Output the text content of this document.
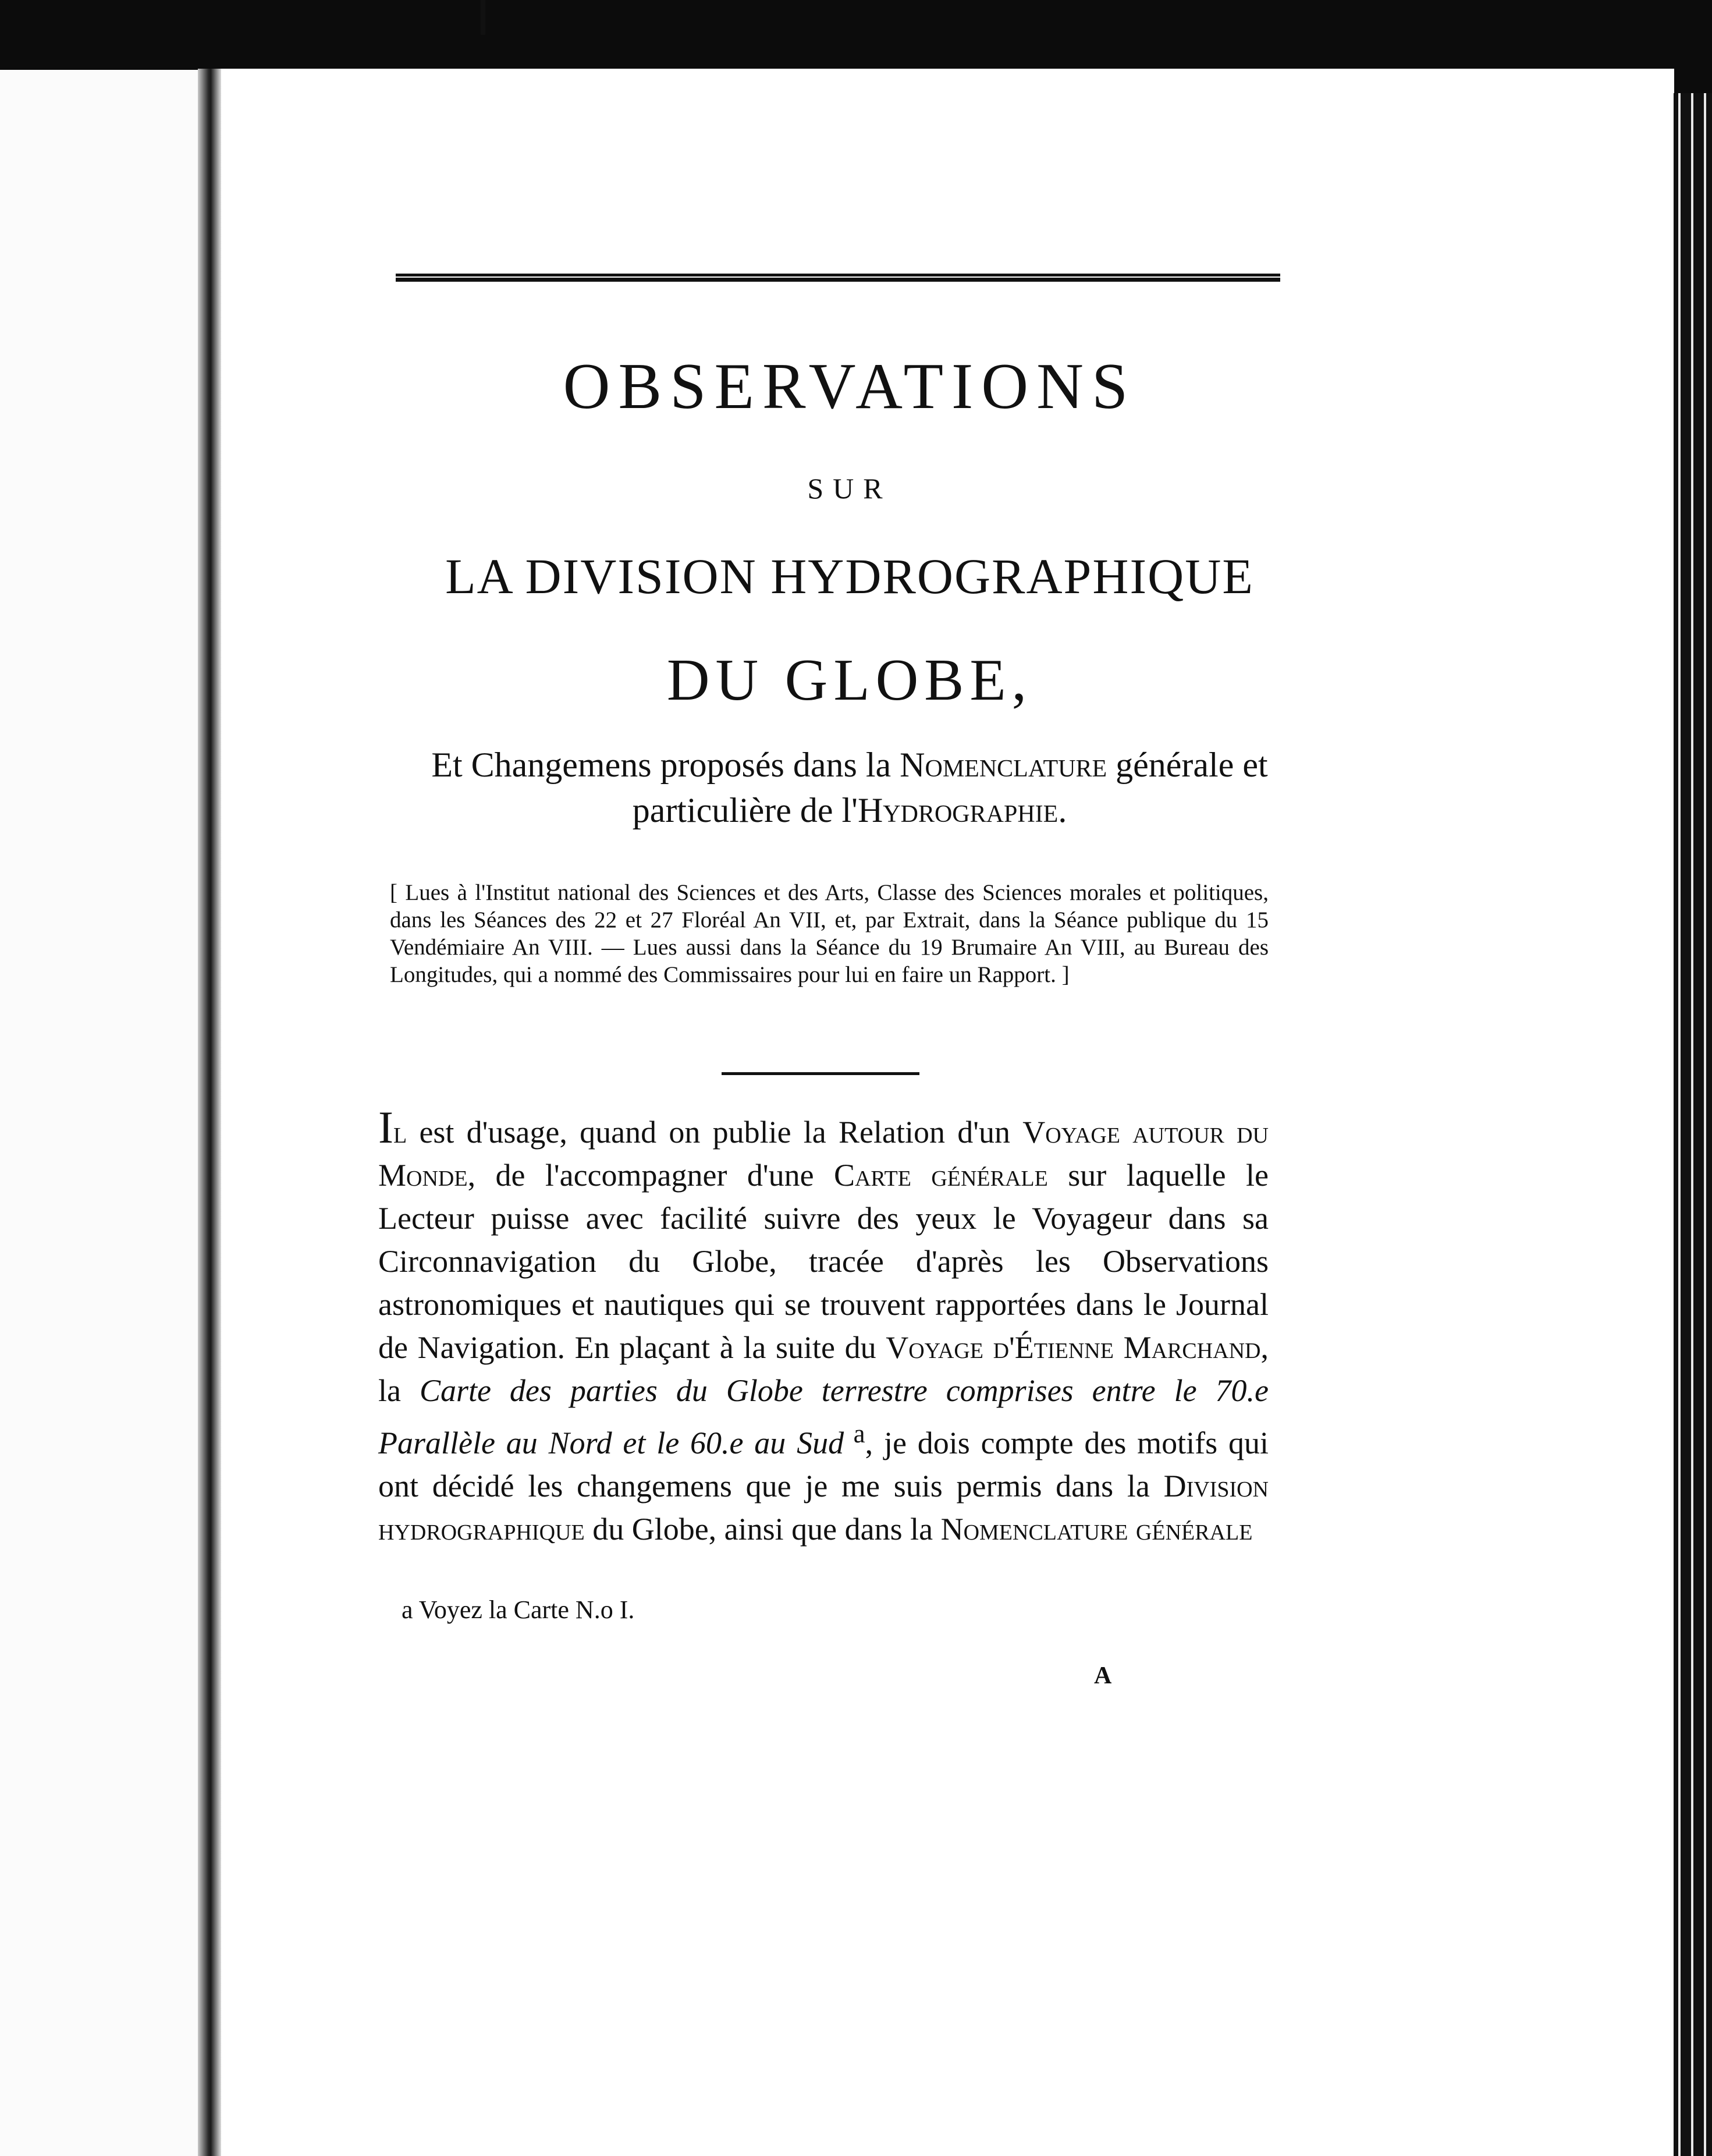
OBSERVATIONS
SUR
LA DIVISION HYDROGRAPHIQUE
DU GLOBE,
Et Changemens proposés dans la Nomenclature générale et particulière de l'Hydrographie.
[ Lues à l'Institut national des Sciences et des Arts, Classe des Sciences morales et politiques, dans les Séances des 22 et 27 Floréal An VII, et, par Extrait, dans la Séance publique du 15 Vendémiaire An VIII. — Lues aussi dans la Séance du 19 Brumaire An VIII, au Bureau des Longitudes, qui a nommé des Commissaires pour lui en faire un Rapport. ]
Il est d'usage, quand on publie la Relation d'un Voyage autour du Monde, de l'accompagner d'une Carte générale sur laquelle le Lecteur puisse avec facilité suivre des yeux le Voyageur dans sa Circonnavigation du Globe, tracée d'après les Observations astronomiques et nautiques qui se trouvent rapportées dans le Journal de Navigation. En plaçant à la suite du Voyage d'Étienne Marchand, la Carte des parties du Globe terrestre comprises entre le 70.e Parallèle au Nord et le 60.e au Sud $^a$, je dois compte des motifs qui ont décidé les changemens que je me suis permis dans la Division hydrographique du Globe, ainsi que dans la Nomenclature générale
a Voyez la Carte N.o I.
A
